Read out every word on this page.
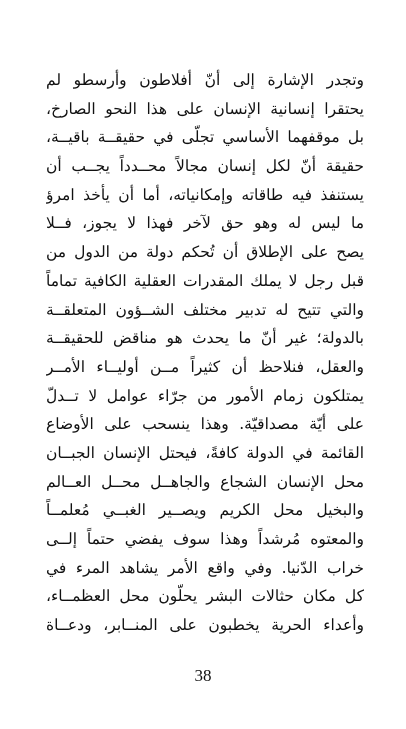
وتجدر الإشارة إلى أنّ أفلاطون وأرسطو لم
يحتقرا إنسانية الإنسان على هذا النحو الصارخ،
بل موقفهما الأساسي تجلّى في حقيقــة باقيــة،
حقيقة أنّ لكل إنسان مجالاً محــدداً يجــب أن
يستنفذ فيه طاقاته وإمكانياته، أما أن يأخذ امرؤ
ما ليس له وهو حق لآخر فهذا لا يجوز، فــلا
يصح على الإطلاق أن تُحكم دولة من الدول من
قبل رجل لا يملك المقدرات العقلية الكافية تماماً
والتي تتيح له تدبير مختلف الشــؤون المتعلقــة
بالدولة؛ غير أنّ ما يحدث هو مناقض للحقيقــة
والعقل، فنلاحظ أن كثيراً مــن أوليــاء الأمــر
يمتلكون زمام الأمور من جرّاء عوامل لا تــدلّ
على أيّة مصداقيّة. وهذا ينسحب على الأوضاع
القائمة في الدولة كافةً، فيحتل الإنسان الجبــان
محل الإنسان الشجاع والجاهــل محــل العــالم
والبخيل محل الكريم ويصــير الغبــي مُعلمــاً
والمعتوه مُرشداً وهذا سوف يفضي حتماً إلــى
خراب الدّنيا. وفي واقع الأمر يشاهد المرء في
كل مكان حثالات البشر يحلّون محل العظمــاء،
وأعداء الحرية يخطبون على المنــابر، ودعــاة
38
